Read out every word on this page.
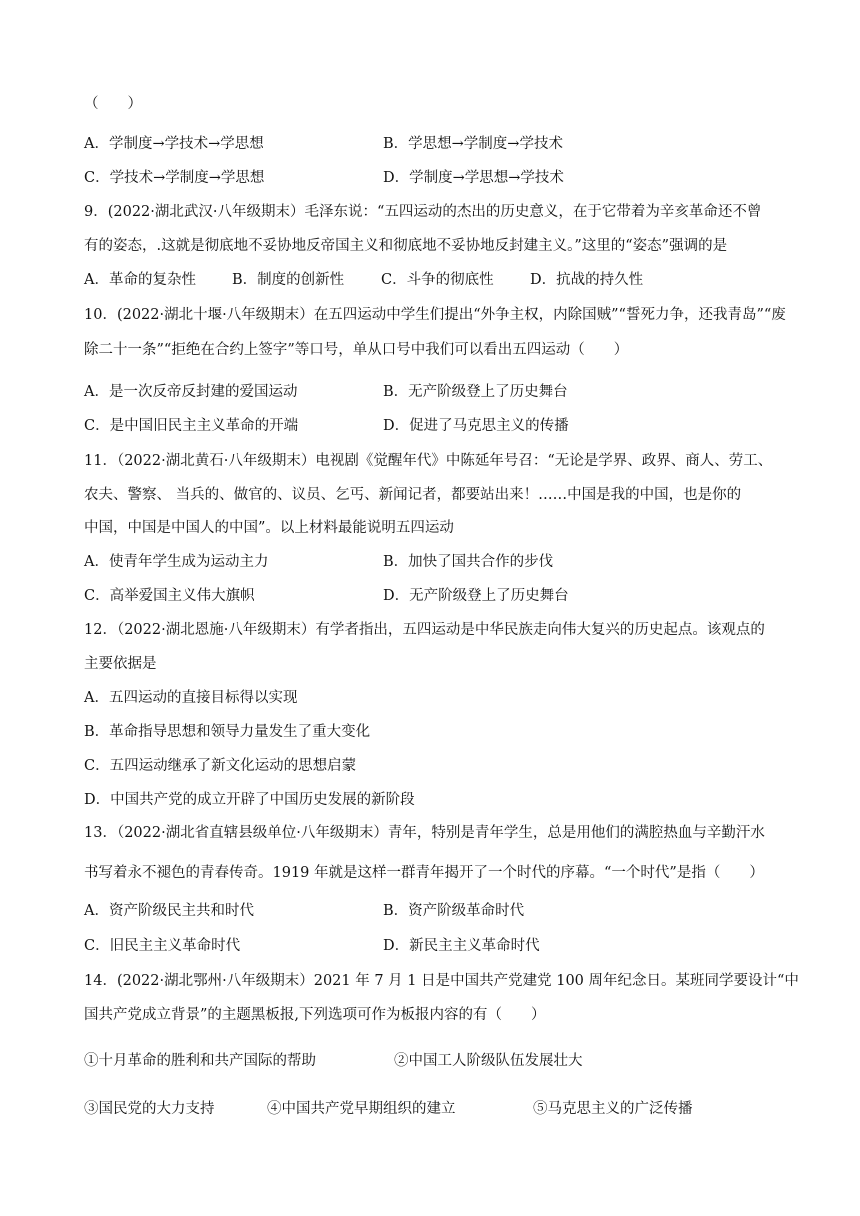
（　　）
A．学制度→学技术→学思想	B．学思想→学制度→学技术
C．学技术→学制度→学思想	D．学制度→学思想→学技术
9．(2022·湖北武汉·八年级期末）毛泽东说：“五四运动的杰出的历史意义，在于它带着为辛亥革命还不曾
有的姿态，.这就是彻底地不妥协地反帝国主义和彻底地不妥协地反封建主义。”这里的“姿态”强调的是
A．革命的复杂性 B．制度的创新性	C．斗争的彻底性	D．抗战的持久性
10．(2022·湖北十堰·八年级期末）在五四运动中学生们提出“外争主权，内除国贼”“誓死力争，还我青岛”“废
除二十一条”“拒绝在合约上签字”等口号，单从口号中我们可以看出五四运动（　　）
A．是一次反帝反封建的爱国运动	B．无产阶级登上了历史舞台
C．是中国旧民主主义革命的开端	D．促进了马克思主义的传播
11．（2022·湖北黄石·八年级期末）电视剧《觉醒年代》中陈延年号召：“无论是学界、政界、商人、劳工、
农夫、警察、 当兵的、做官的、议员、乞丐、新闻记者，都要站出来！……中国是我的中国，也是你的
中国，中国是中国人的中国”。以上材料最能说明五四运动
A．使青年学生成为运动主力	B．加快了国共合作的步伐
C．高举爱国主义伟大旗帜	D．无产阶级登上了历史舞台
12．（2022·湖北恩施·八年级期末）有学者指出，五四运动是中华民族走向伟大复兴的历史起点。该观点的
主要依据是
A．五四运动的直接目标得以实现
B．革命指导思想和领导力量发生了重大变化
C．五四运动继承了新文化运动的思想启蒙
D．中国共产党的成立开辟了中国历史发展的新阶段
13．（2022·湖北省直辖县级单位·八年级期末）青年，特别是青年学生，总是用他们的满腔热血与辛勤汗水
书写着永不褪色的青春传奇。1919 年就是这样一群青年揭开了一个时代的序幕。“一个时代”是指（　　）
A．资产阶级民主共和时代	B．资产阶级革命时代
C．旧民主主义革命时代	D．新民主主义革命时代
14．(2022·湖北鄂州·八年级期末）2021 年 7 月 1 日是中国共产党建党 100 周年纪念日。某班同学要设计“中
国共产党成立背景”的主题黑板报,下列选项可作为板报内容的有（　　）
①十月革命的胜利和共产国际的帮助	②中国工人阶级队伍发展壮大
③国民党的大力支持	④中国共产党早期组织的建立	⑤马克思主义的广泛传播
